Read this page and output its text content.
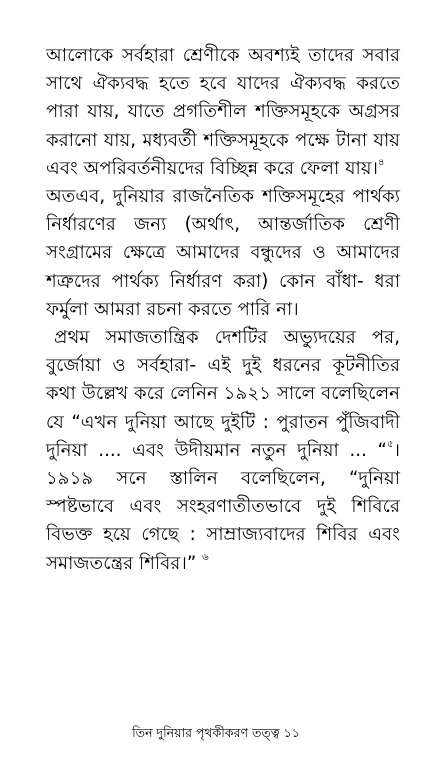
আলোকে সর্বহারা শ্রেণীকে অবশ্যই তাদের সবার সাথে ঐক্যবদ্ধ হতে হবে যাদের ঐক্যবদ্ধ করতে পারা যায়, যাতে প্রগতিশীল শক্তিসমূহকে অগ্রসর করানো যায়, মধ্যবর্তী শক্তিসমূহকে পক্ষে টানা যায় এবং অপরিবর্তনীয়দের বিচ্ছিন্ন করে ফেলা যায়।$^৪$

অতএব, দুনিয়ার রাজনৈতিক শক্তিসমূহের পার্থক্য নির্ধারণের জন্য (অর্থাৎ, আন্তর্জাতিক শ্রেণী সংগ্রামের ক্ষেত্রে আমাদের বন্ধুদের ও আমাদের শত্রুদের পার্থক্য নির্ধারণ করা) কোন বাঁধা- ধরা ফর্মুলা আমরা রচনা করতে পারি না।

প্রথম সমাজতান্ত্রিক দেশটির অভ্যুদয়ের পর, বুর্জোয়া ও সর্বহারা- এই দুই ধরনের কূটনীতির কথা উল্লেখ করে লেনিন ১৯২১ সালে বলেছিলেন যে “এখন দুনিয়া আছে দুইটি : পুরাতন পুঁজিবাদী দুনিয়া .... এবং উদীয়মান নতুন দুনিয়া ... “$^৫$। ১৯১৯ সনে স্তালিন বলেছিলেন, “দুনিয়া স্পষ্টভাবে এবং সংহরণাতীতভাবে দুই শিবিরে বিভক্ত হয়ে গেছে : সাম্রাজ্যবাদের শিবির এবং সমাজতন্ত্রের শিবির।” $^৬$

তিন দুনিয়ার পৃথকীকরণ তত্ত্ব ১১
